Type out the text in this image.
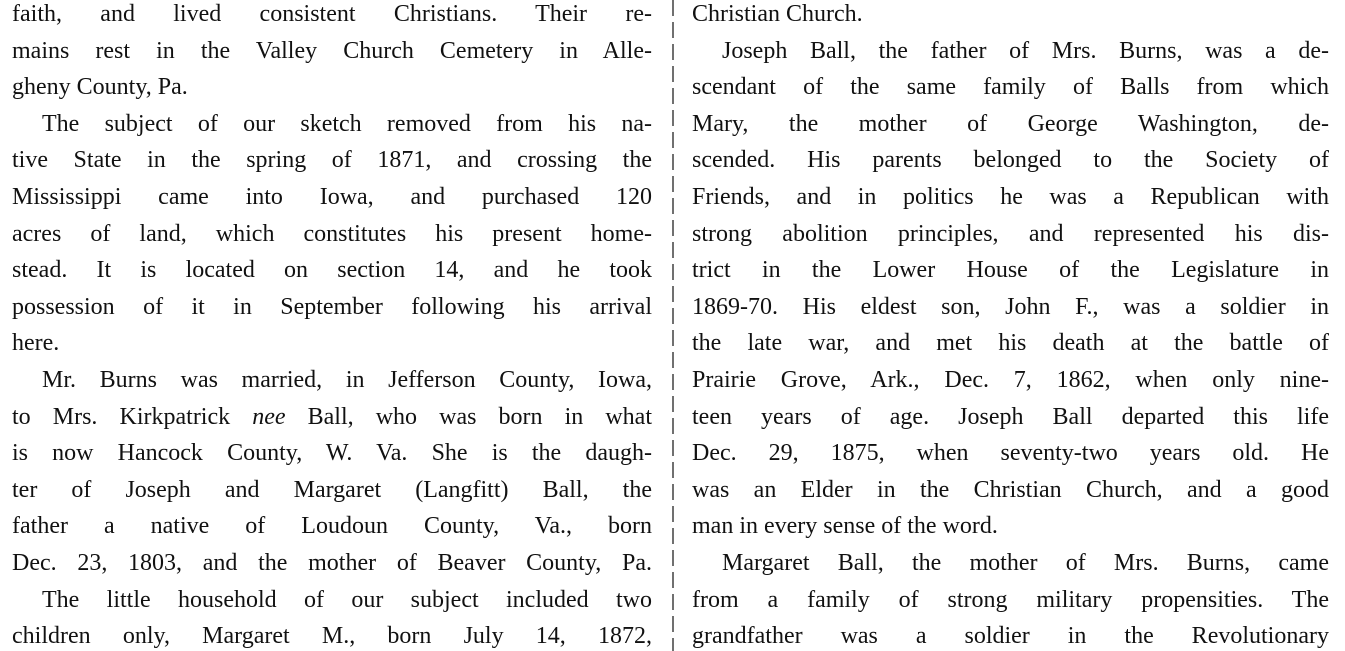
faith, and lived consistent Christians. Their re-
mains rest in the Valley Church Cemetery in Alle-
gheny County, Pa.
The subject of our sketch removed from his na-
tive State in the spring of 1871, and crossing the
Mississippi came into Iowa, and purchased 120
acres of land, which constitutes his present home-
stead. It is located on section 14, and he took
possession of it in September following his arrival
here.
Mr. Burns was married, in Jefferson County, Iowa,
to Mrs. Kirkpatrick nee Ball, who was born in what
is now Hancock County, W. Va. She is the daugh-
ter of Joseph and Margaret (Langfitt) Ball, the
father a native of Loudoun County, Va., born
Dec. 23, 1803, and the mother of Beaver County, Pa.
The little household of our subject included two
children only, Margaret M., born July 14, 1872,
Christian Church.
Joseph Ball, the father of Mrs. Burns, was a de-
scendant of the same family of Balls from which
Mary, the mother of George Washington, de-
scended. His parents belonged to the Society of
Friends, and in politics he was a Republican with
strong abolition principles, and represented his dis-
trict in the Lower House of the Legislature in
1869-70. His eldest son, John F., was a soldier in
the late war, and met his death at the battle of
Prairie Grove, Ark., Dec. 7, 1862, when only nine-
teen years of age. Joseph Ball departed this life
Dec. 29, 1875, when seventy-two years old. He
was an Elder in the Christian Church, and a good
man in every sense of the word.
Margaret Ball, the mother of Mrs. Burns, came
from a family of strong military propensities. The
grandfather was a soldier in the Revolutionary
